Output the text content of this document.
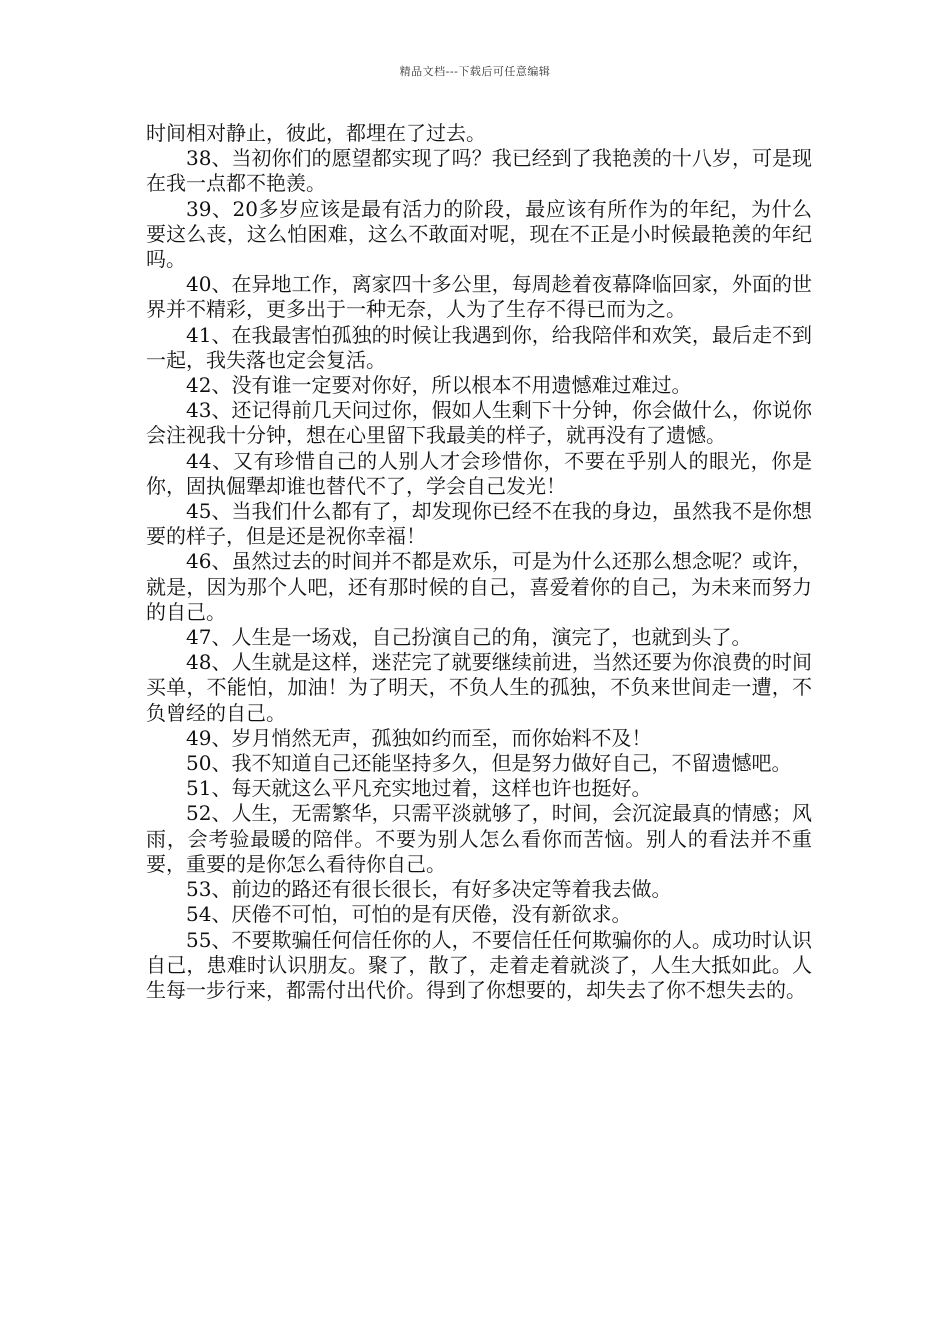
精品文档---下载后可任意编辑

时间相对静止，彼此，都埋在了过去。

38、当初你们的愿望都实现了吗？我已经到了我艳羡的十八岁，可是现在我一点都不艳羡。

39、20多岁应该是最有活力的阶段，最应该有所作为的年纪，为什么要这么丧，这么怕困难，这么不敢面对呢，现在不正是小时候最艳羡的年纪吗。

40、在异地工作，离家四十多公里，每周趁着夜幕降临回家，外面的世界并不精彩，更多出于一种无奈，人为了生存不得已而为之。

41、在我最害怕孤独的时候让我遇到你，给我陪伴和欢笑，最后走不到一起，我失落也定会复活。

42、没有谁一定要对你好，所以根本不用遗憾难过难过。

43、还记得前几天问过你，假如人生剩下十分钟，你会做什么，你说你会注视我十分钟，想在心里留下我最美的样子，就再没有了遗憾。

44、又有珍惜自己的人别人才会珍惜你，不要在乎别人的眼光，你是你，固执倔犟却谁也替代不了，学会自己发光！

45、当我们什么都有了，却发现你已经不在我的身边，虽然我不是你想要的样子，但是还是祝你幸福！

46、虽然过去的时间并不都是欢乐，可是为什么还那么想念呢？或许，就是，因为那个人吧，还有那时候的自己，喜爱着你的自己，为未来而努力的自己。

47、人生是一场戏，自己扮演自己的角，演完了，也就到头了。

48、人生就是这样，迷茫完了就要继续前进，当然还要为你浪费的时间买单，不能怕，加油！为了明天，不负人生的孤独，不负来世间走一遭，不负曾经的自己。

49、岁月悄然无声，孤独如约而至，而你始料不及！

50、我不知道自己还能坚持多久，但是努力做好自己，不留遗憾吧。

51、每天就这么平凡充实地过着，这样也许也挺好。

52、人生，无需繁华，只需平淡就够了，时间，会沉淀最真的情感；风雨，会考验最暖的陪伴。不要为别人怎么看你而苦恼。别人的看法并不重要，重要的是你怎么看待你自己。

53、前边的路还有很长很长，有好多决定等着我去做。

54、厌倦不可怕，可怕的是有厌倦，没有新欲求。

55、不要欺骗任何信任你的人，不要信任任何欺骗你的人。成功时认识自己，患难时认识朋友。聚了，散了，走着走着就淡了，人生大抵如此。人生每一步行来，都需付出代价。得到了你想要的，却失去了你不想失去的。
